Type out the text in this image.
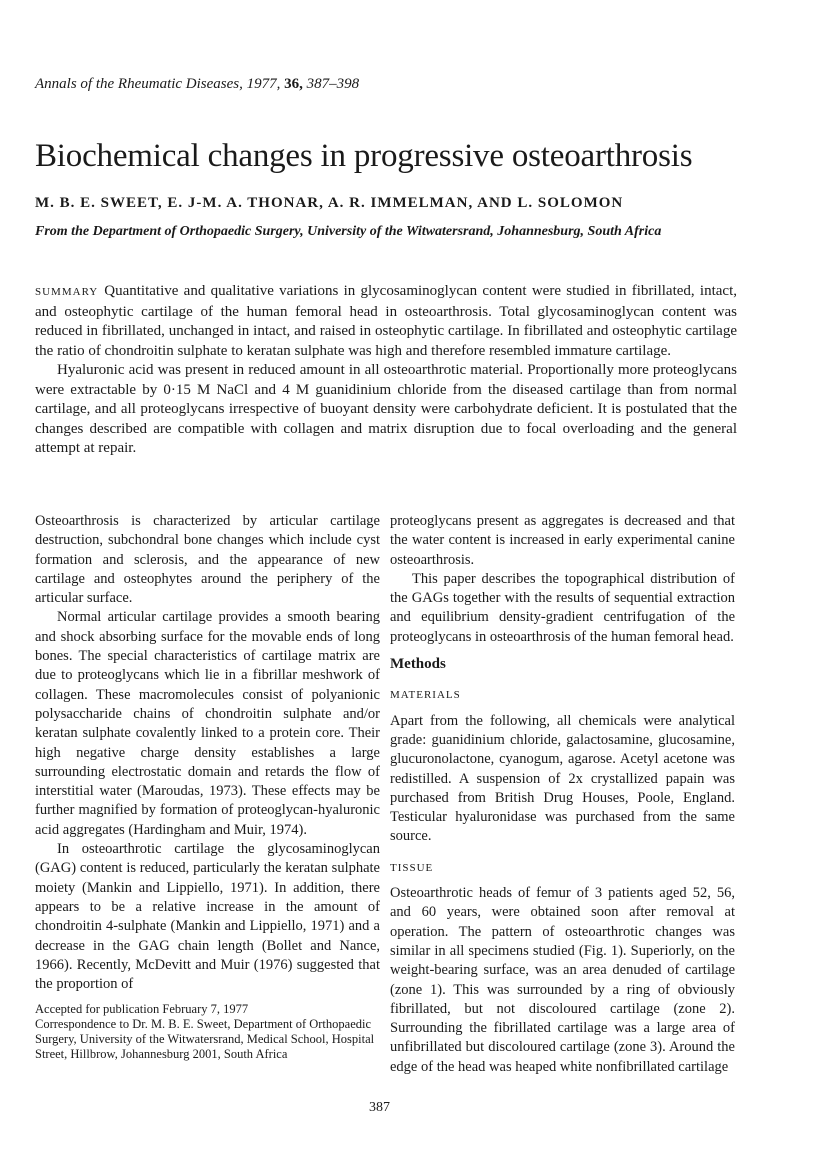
Annals of the Rheumatic Diseases, 1977, 36, 387–398
Biochemical changes in progressive osteoarthrosis
M. B. E. SWEET, E. J-M. A. THONAR, A. R. IMMELMAN, AND L. SOLOMON
From the Department of Orthopaedic Surgery, University of the Witwatersrand, Johannesburg, South Africa

SUMMARY Quantitative and qualitative variations in glycosaminoglycan content were studied in fibrillated, intact, and osteophytic cartilage of the human femoral head in osteoarthrosis. Total glycosaminoglycan content was reduced in fibrillated, unchanged in intact, and raised in osteophytic cartilage. In fibrillated and osteophytic cartilage the ratio of chondroitin sulphate to keratan sulphate was high and therefore resembled immature cartilage.

Hyaluronic acid was present in reduced amount in all osteoarthrotic material. Proportionally more proteoglycans were extractable by 0·15 M NaCl and 4 M guanidinium chloride from the diseased cartilage than from normal cartilage, and all proteoglycans irrespective of buoyant density were carbohydrate deficient. It is postulated that the changes described are compatible with collagen and matrix disruption due to focal overloading and the general attempt at repair.

Osteoarthrosis is characterized by articular cartilage destruction, subchondral bone changes which include cyst formation and sclerosis, and the appearance of new cartilage and osteophytes around the periphery of the articular surface.

Normal articular cartilage provides a smooth bearing and shock absorbing surface for the movable ends of long bones. The special characteristics of cartilage matrix are due to proteoglycans which lie in a fibrillar meshwork of collagen. These macromolecules consist of polyanionic polysaccharide chains of chondroitin sulphate and/or keratan sulphate covalently linked to a protein core. Their high negative charge density establishes a large surrounding electrostatic domain and retards the flow of interstitial water (Maroudas, 1973). These effects may be further magnified by formation of proteoglycan-hyaluronic acid aggregates (Hardingham and Muir, 1974).

In osteoarthrotic cartilage the glycosaminoglycan (GAG) content is reduced, particularly the keratan sulphate moiety (Mankin and Lippiello, 1971). In addition, there appears to be a relative increase in the amount of chondroitin 4-sulphate (Mankin and Lippiello, 1971) and a decrease in the GAG chain length (Bollet and Nance, 1966). Recently, McDevitt and Muir (1976) suggested that the proportion of

Accepted for publication February 7, 1977

Correspondence to Dr. M. B. E. Sweet, Department of Orthopaedic Surgery, University of the Witwatersrand, Medical School, Hospital Street, Hillbrow, Johannesburg 2001, South Africa

proteoglycans present as aggregates is decreased and that the water content is increased in early experimental canine osteoarthrosis.

This paper describes the topographical distribution of the GAGs together with the results of sequential extraction and equilibrium density-gradient centrifugation of the proteoglycans in osteoarthrosis of the human femoral head.

Methods
MATERIALS

Apart from the following, all chemicals were analytical grade: guanidinium chloride, galactosamine, glucosamine, glucuronolactone, cyanogum, agarose. Acetyl acetone was redistilled. A suspension of 2x crystallized papain was purchased from British Drug Houses, Poole, England. Testicular hyaluronidase was purchased from the same source.

TISSUE

Osteoarthrotic heads of femur of 3 patients aged 52, 56, and 60 years, were obtained soon after removal at operation. The pattern of osteoarthrotic changes was similar in all specimens studied (Fig. 1). Superiorly, on the weight-bearing surface, was an area denuded of cartilage (zone 1). This was surrounded by a ring of obviously fibrillated, but not discoloured cartilage (zone 2). Surrounding the fibrillated cartilage was a large area of unfibrillated but discoloured cartilage (zone 3). Around the edge of the head was heaped white nonfibrillated cartilage

387
